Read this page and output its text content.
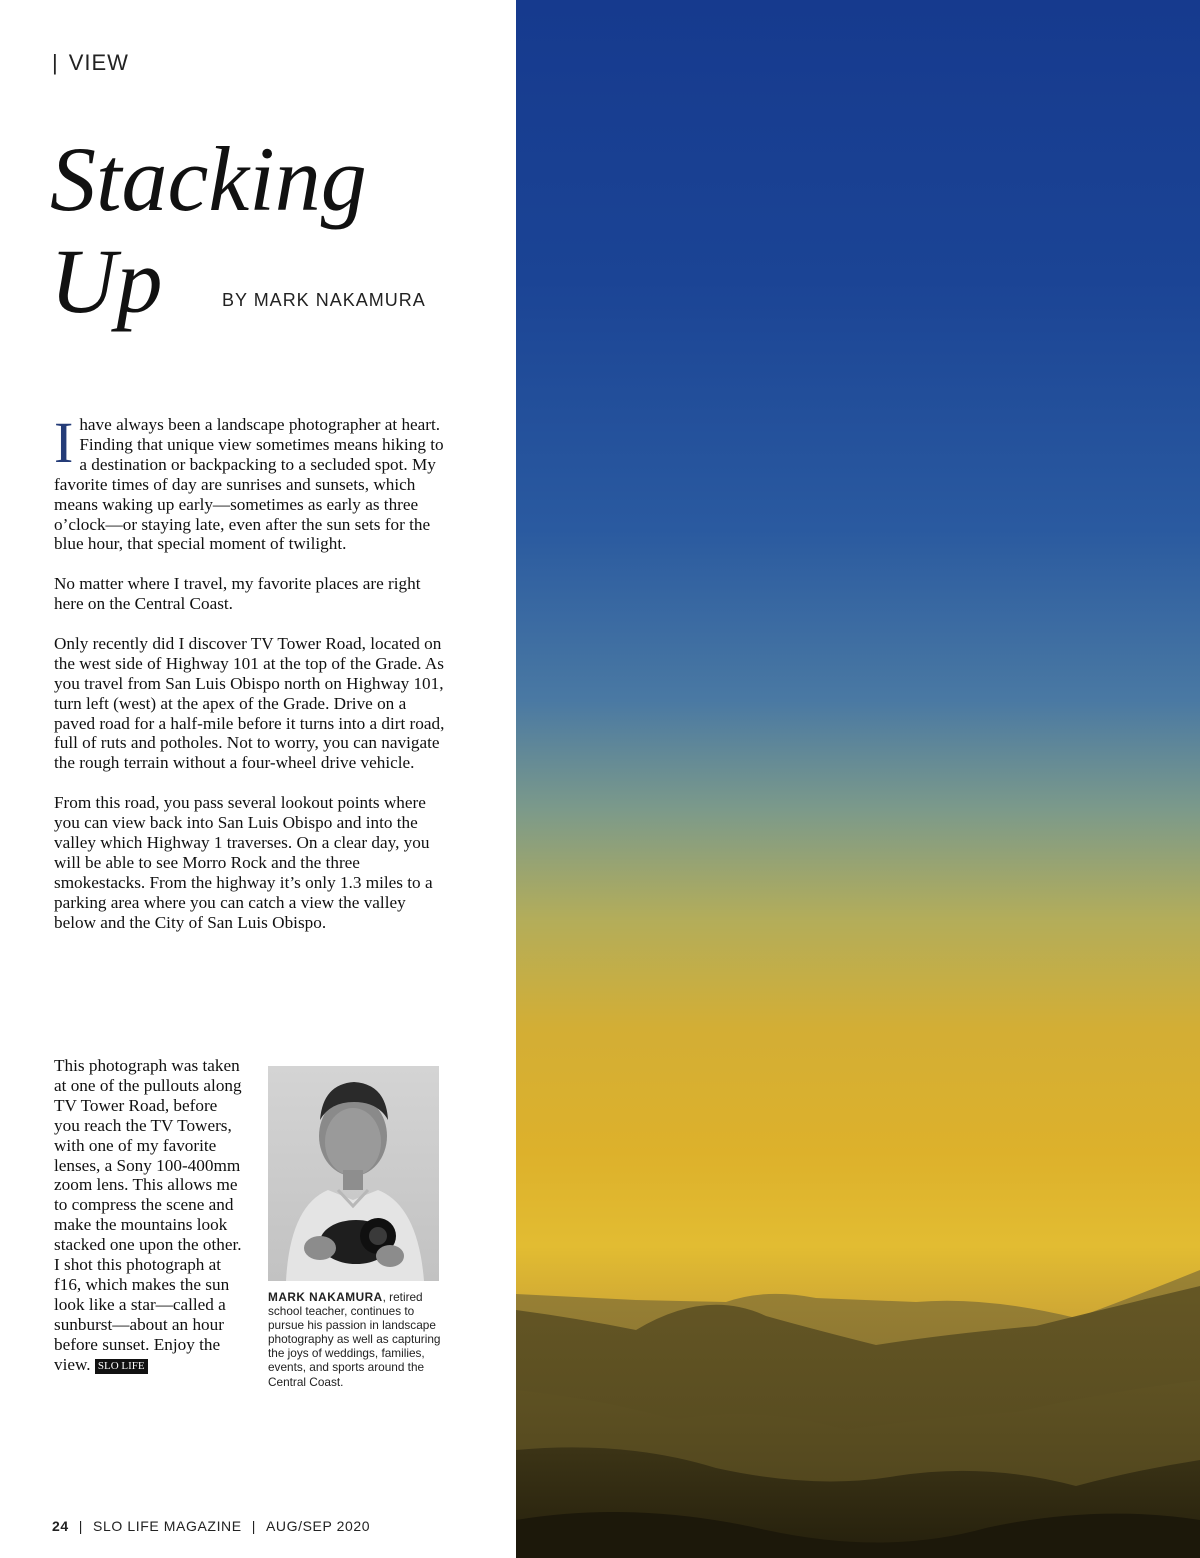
| VIEW
Stacking
Up	BY MARK NAKAMURA

I have always been a landscape photographer at heart. Finding that unique view sometimes means hiking to a destination or backpacking to a secluded spot. My favorite times of day are sunrises and sunsets, which means waking up early—sometimes as early as three o’clock—or staying late, even after the sun sets for the blue hour, that special moment of twilight.

No matter where I travel, my favorite places are right here on the Central Coast.

Only recently did I discover TV Tower Road, located on the west side of Highway 101 at the top of the Grade. As you travel from San Luis Obispo north on Highway 101, turn left (west) at the apex of the Grade. Drive on a paved road for a half-mile before it turns into a dirt road, full of ruts and potholes. Not to worry, you can navigate the rough terrain without a four-wheel drive vehicle.

From this road, you pass several lookout points where you can view back into San Luis Obispo and into the valley which Highway 1 traverses. On a clear day, you will be able to see Morro Rock and the three smokestacks. From the highway it’s only 1.3 miles to a parking area where you can catch a view the valley below and the City of San Luis Obispo.

This photograph was taken at one of the pullouts along TV Tower Road, before you reach the TV Towers, with one of my favorite lenses, a Sony 100-400mm zoom lens. This allows me to compress the scene and make the mountains look stacked one upon the other. I shot this photograph at f16, which makes the sun look like a star—called a sunburst—about an hour before sunset. Enjoy the view. SLO LIFE

MARK NAKAMURA, retired school teacher, continues to pursue his passion in landscape photography as well as capturing the joys of weddings, families, events, and sports around the Central Coast.
24 | SLO LIFE MAGAZINE | AUG/SEP 2020
